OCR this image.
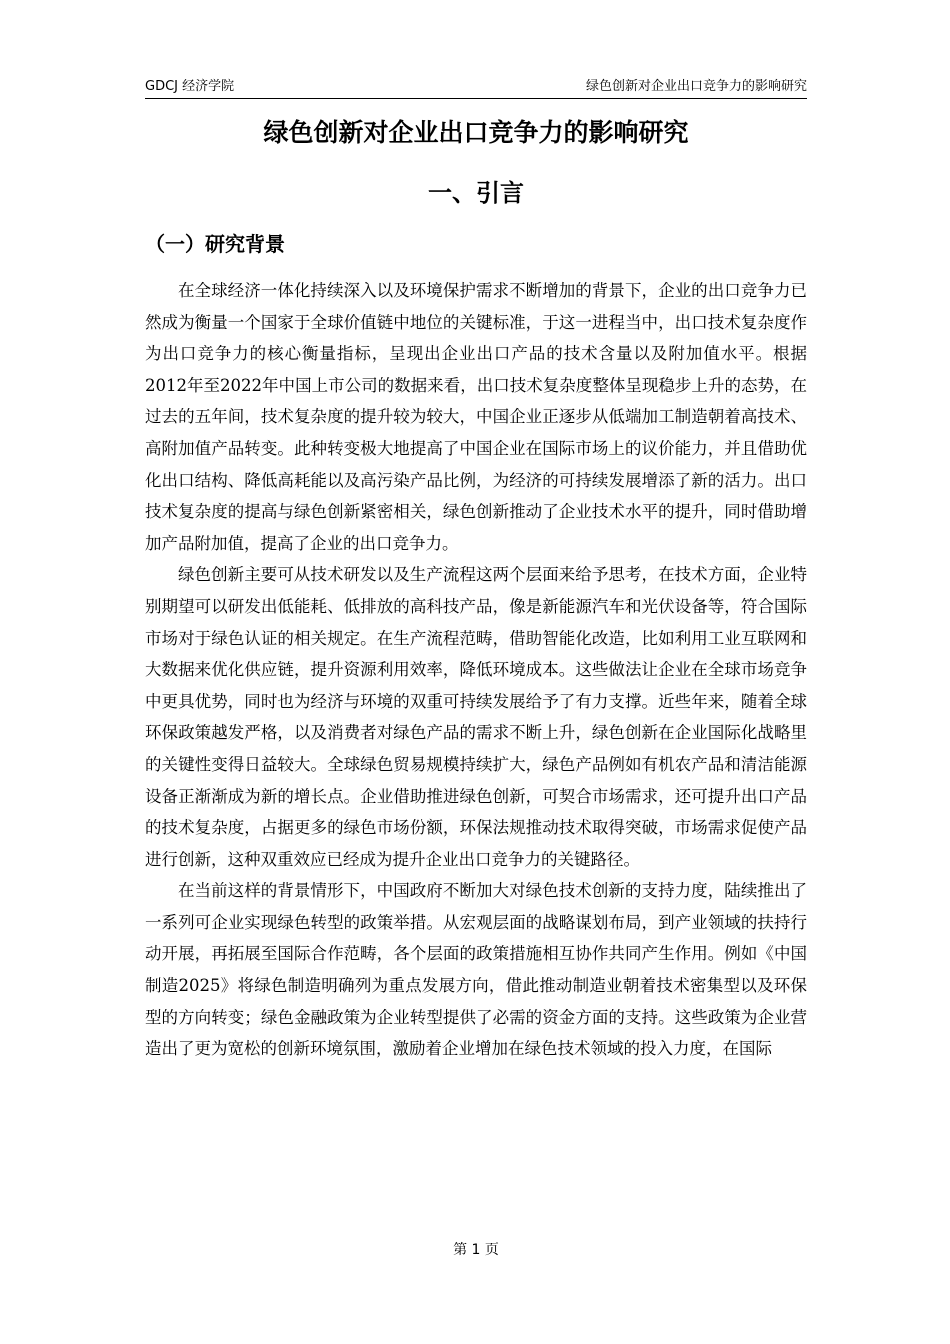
GDCJ 经济学院	绿色创新对企业出口竞争力的影响研究
绿色创新对企业出口竞争力的影响研究
一、引言
（一）研究背景

在全球经济一体化持续深入以及环境保护需求不断增加的背景下，企业的出口竞争力已然成为衡量一个国家于全球价值链中地位的关键标准，于这一进程当中，出口技术复杂度作为出口竞争力的核心衡量指标，呈现出企业出口产品的技术含量以及附加值水平。根据2012年至2022年中国上市公司的数据来看，出口技术复杂度整体呈现稳步上升的态势，在过去的五年间，技术复杂度的提升较为较大，中国企业正逐步从低端加工制造朝着高技术、高附加值产品转变。此种转变极大地提高了中国企业在国际市场上的议价能力，并且借助优化出口结构、降低高耗能以及高污染产品比例，为经济的可持续发展增添了新的活力。出口技术复杂度的提高与绿色创新紧密相关，绿色创新推动了企业技术水平的提升，同时借助增加产品附加值，提高了企业的出口竞争力。

绿色创新主要可从技术研发以及生产流程这两个层面来给予思考，在技术方面，企业特别期望可以研发出低能耗、低排放的高科技产品，像是新能源汽车和光伏设备等，符合国际市场对于绿色认证的相关规定。在生产流程范畴，借助智能化改造，比如利用工业互联网和大数据来优化供应链，提升资源利用效率，降低环境成本。这些做法让企业在全球市场竞争中更具优势，同时也为经济与环境的双重可持续发展给予了有力支撑。近些年来，随着全球环保政策越发严格，以及消费者对绿色产品的需求不断上升，绿色创新在企业国际化战略里的关键性变得日益较大。全球绿色贸易规模持续扩大，绿色产品例如有机农产品和清洁能源设备正渐渐成为新的增长点。企业借助推进绿色创新，可契合市场需求，还可提升出口产品的技术复杂度，占据更多的绿色市场份额，环保法规推动技术取得突破，市场需求促使产品进行创新，这种双重效应已经成为提升企业出口竞争力的关键路径。

在当前这样的背景情形下，中国政府不断加大对绿色技术创新的支持力度，陆续推出了一系列可企业实现绿色转型的政策举措。从宏观层面的战略谋划布局，到产业领域的扶持行动开展，再拓展至国际合作范畴，各个层面的政策措施相互协作共同产生作用。例如《中国制造2025》将绿色制造明确列为重点发展方向，借此推动制造业朝着技术密集型以及环保型的方向转变；绿色金融政策为企业转型提供了必需的资金方面的支持。这些政策为企业营造出了更为宽松的创新环境氛围，激励着企业增加在绿色技术领域的投入力度，在国际

第 1 页
